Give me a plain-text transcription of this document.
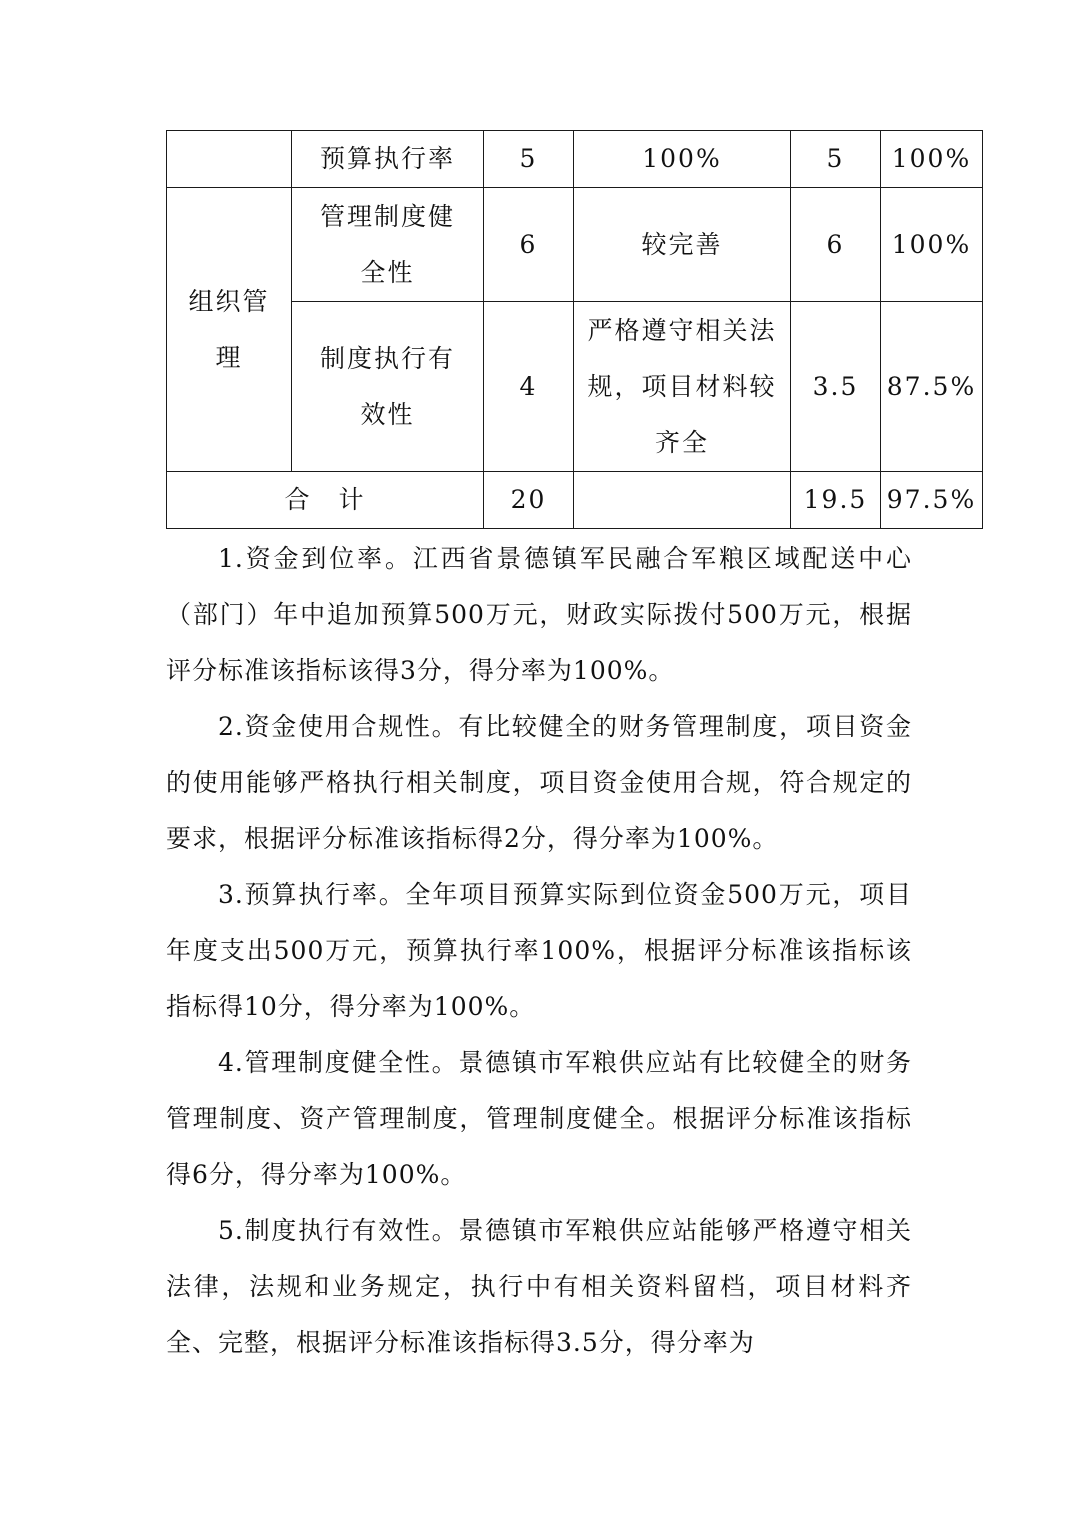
	预算执行率	5	100%	5	100%
组织管理	管理制度健全性	6	较完善	6	100%
	制度执行有效性	4	严格遵守相关法规，项目材料较齐全	3.5	87.5%
合　计		20		19.5	97.5%

1.资金到位率。江西省景德镇军民融合军粮区域配送中心（部门）年中追加预算500万元，财政实际拨付500万元，根据评分标准该指标该得3分，得分率为100%。

2.资金使用合规性。有比较健全的财务管理制度，项目资金的使用能够严格执行相关制度，项目资金使用合规，符合规定的要求，根据评分标准该指标得2分，得分率为100%。

3.预算执行率。全年项目预算实际到位资金500万元，项目年度支出500万元，预算执行率100%，根据评分标准该指标该指标得10分，得分率为100%。

4.管理制度健全性。景德镇市军粮供应站有比较健全的财务管理制度、资产管理制度，管理制度健全。根据评分标准该指标得6分，得分率为100%。

5.制度执行有效性。景德镇市军粮供应站能够严格遵守相关法律，法规和业务规定，执行中有相关资料留档，项目材料齐全、完整，根据评分标准该指标得3.5分，得分率为
